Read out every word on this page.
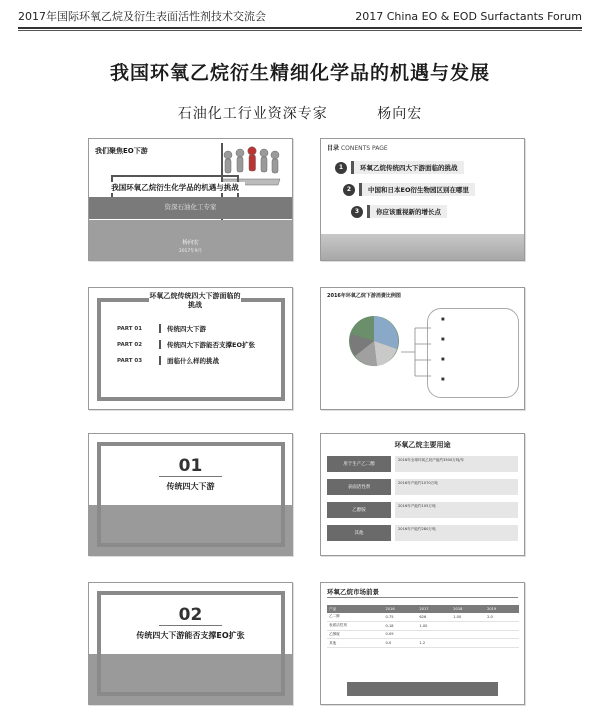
2017年国际环氧乙烷及衍生表面活性剂技术交流会	2017 China EO & EOD Surfactants Forum
我国环氧乙烷衍生精细化学品的机遇与发展
石油化工行业资深专家	杨向宏
我们聚焦EO下游
我国环氧乙烷衍生化学品的机遇与挑战
资深石油化工专家
杨向宏
2017年9月
目录 CONENTS PAGE
1	环氧乙烷传统四大下游面临的挑战
2	中国和日本EO衍生物园区别在哪里
3	你应该重视新的增长点
环氧乙烷传统四大下游面临的挑战
PART 01	传统四大下游
PART 02	传统四大下游能否支撑EO扩张
PART 03	面临什么样的挑战
2016年环氧乙烷下游消费比例图
■
■
■
■
01
传统四大下游
环氧乙烷主要用途
用于生产乙二醇
2016年全球环氧乙烷产能约3500万吨/年
表面活性剂
2016年产能约1070万吨
乙醇胺
2016年产能约105万吨
其他
2016年产能约280万吨
02
传统四大下游能否支撑EO扩张
环氧乙烷市场前景
产品	2016	2017	2018	2019
乙二醇	0.75	626	1.00	2.0
表面活性剂	0.18	1.00		
乙醇胺	0.09			
其他	0.0	1.2		
